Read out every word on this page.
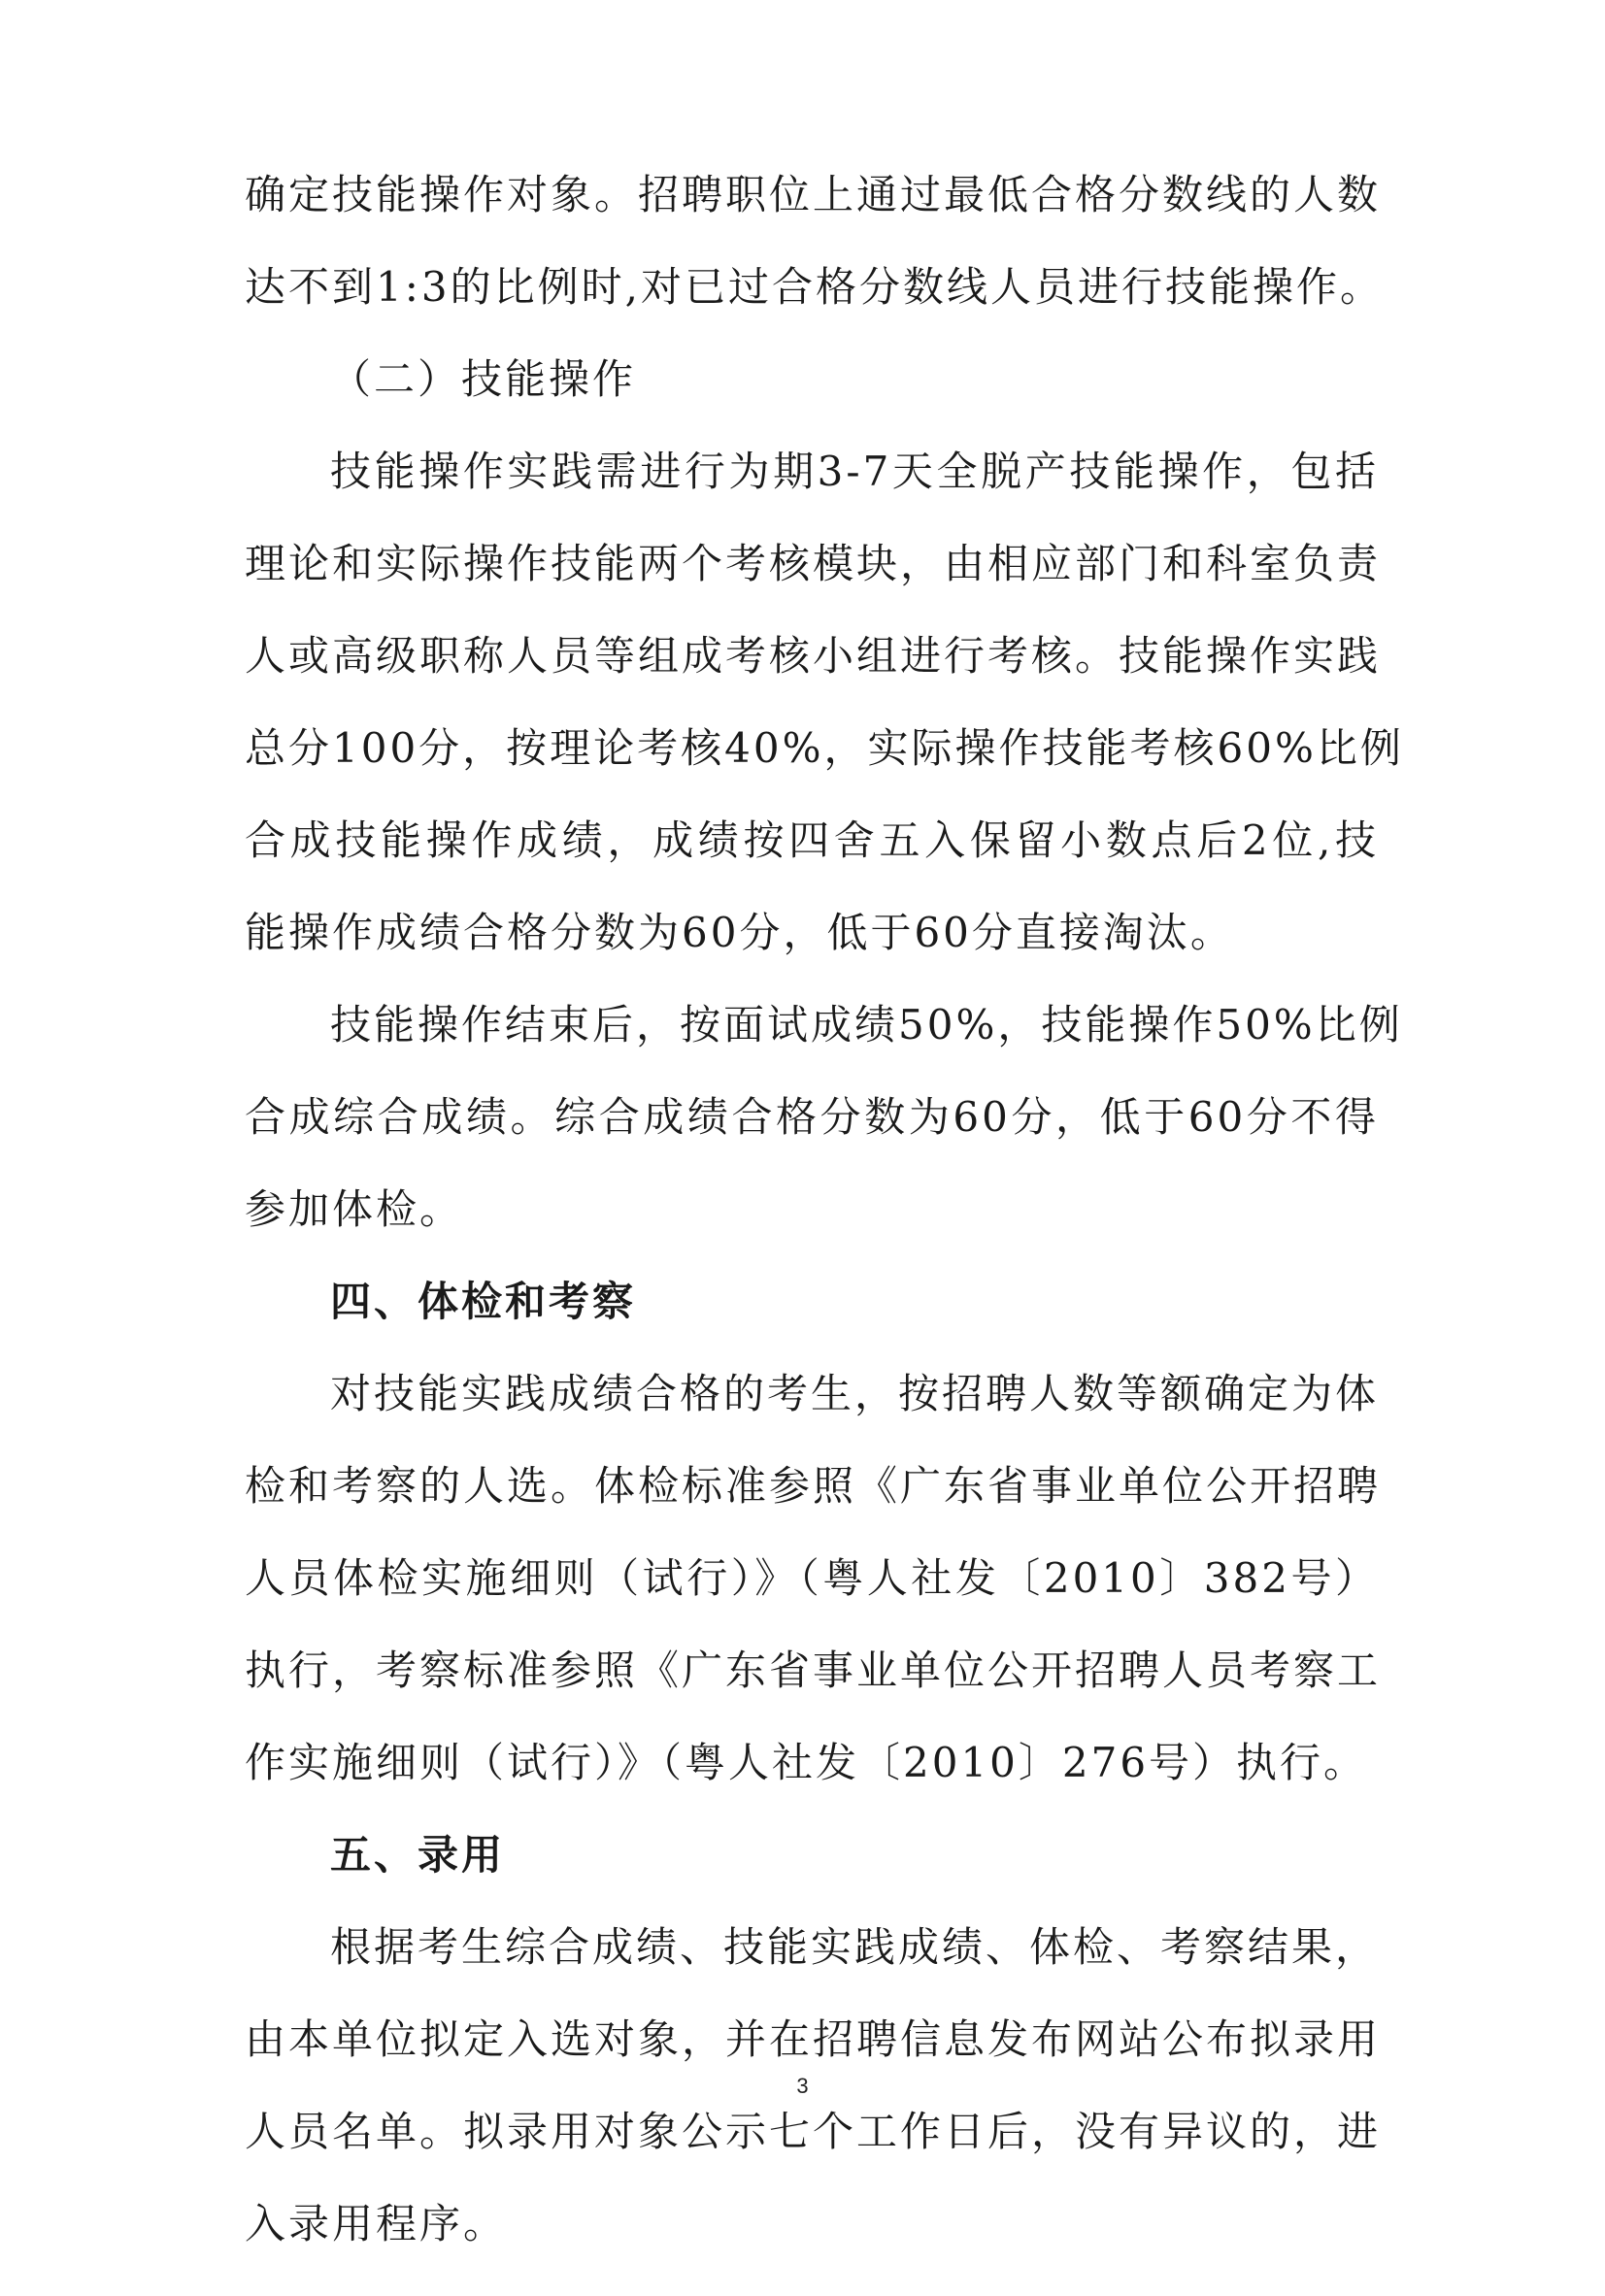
确定技能操作对象。招聘职位上通过最低合格分数线的人数
达不到1:3的比例时,对已过合格分数线人员进行技能操作。
（二）技能操作
技能操作实践需进行为期3-7天全脱产技能操作，包括
理论和实际操作技能两个考核模块，由相应部门和科室负责
人或高级职称人员等组成考核小组进行考核。技能操作实践
总分100分，按理论考核40%，实际操作技能考核60%比例
合成技能操作成绩，成绩按四舍五入保留小数点后2位,技
能操作成绩合格分数为60分，低于60分直接淘汰。
技能操作结束后，按面试成绩50%，技能操作50%比例
合成综合成绩。综合成绩合格分数为60分，低于60分不得
参加体检。
四、体检和考察
对技能实践成绩合格的考生，按招聘人数等额确定为体
检和考察的人选。体检标准参照《广东省事业单位公开招聘
人员体检实施细则（试行）》（粤人社发〔2010〕382号）
执行，考察标准参照《广东省事业单位公开招聘人员考察工
作实施细则（试行）》（粤人社发〔2010〕276号）执行。
五、录用
根据考生综合成绩、技能实践成绩、体检、考察结果，
由本单位拟定入选对象，并在招聘信息发布网站公布拟录用
人员名单。拟录用对象公示七个工作日后，没有异议的，进
入录用程序。
3
